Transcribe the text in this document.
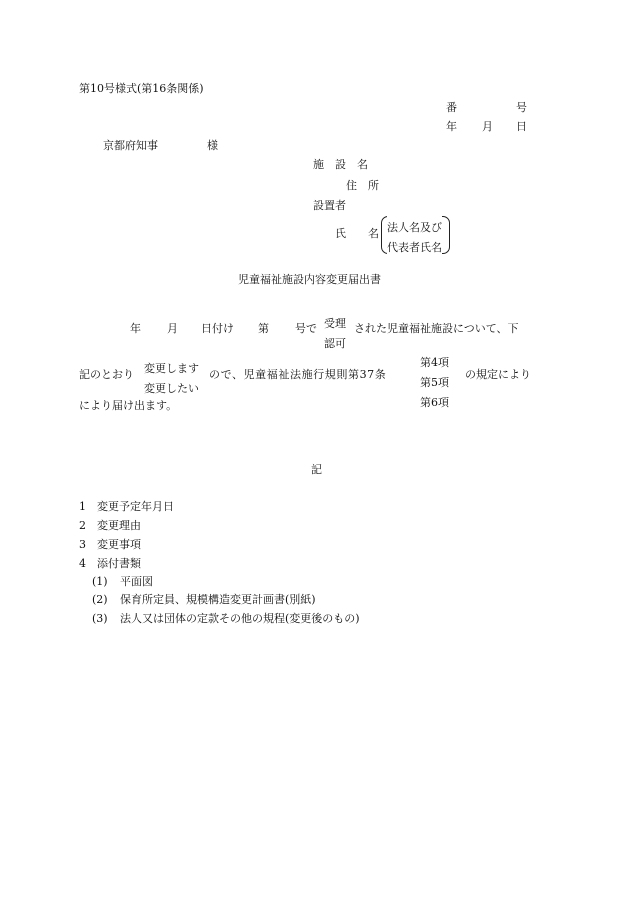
第10号様式(第16条関係)
番	号
年 月 日
京都府知事	様
施　設　名
住　所
設置者
氏　　名 法人名及び
代表者氏名
児童福祉施設内容変更届出書
年 月 日付け 第 号で 受理
認可
された児童福祉施設について、下
記のとおり 変更します
変更したい
ので、児童福祉法施行規則第37条
第4項
第5項
第6項
の規定により
により届け出ます。
記
1 変更予定年月日
2 変更理由
3 変更事項
4 添付書類
(1) 平面図
(2) 保育所定員、規模構造変更計画書(別紙)
(3) 法人又は団体の定款その他の規程(変更後のもの)
